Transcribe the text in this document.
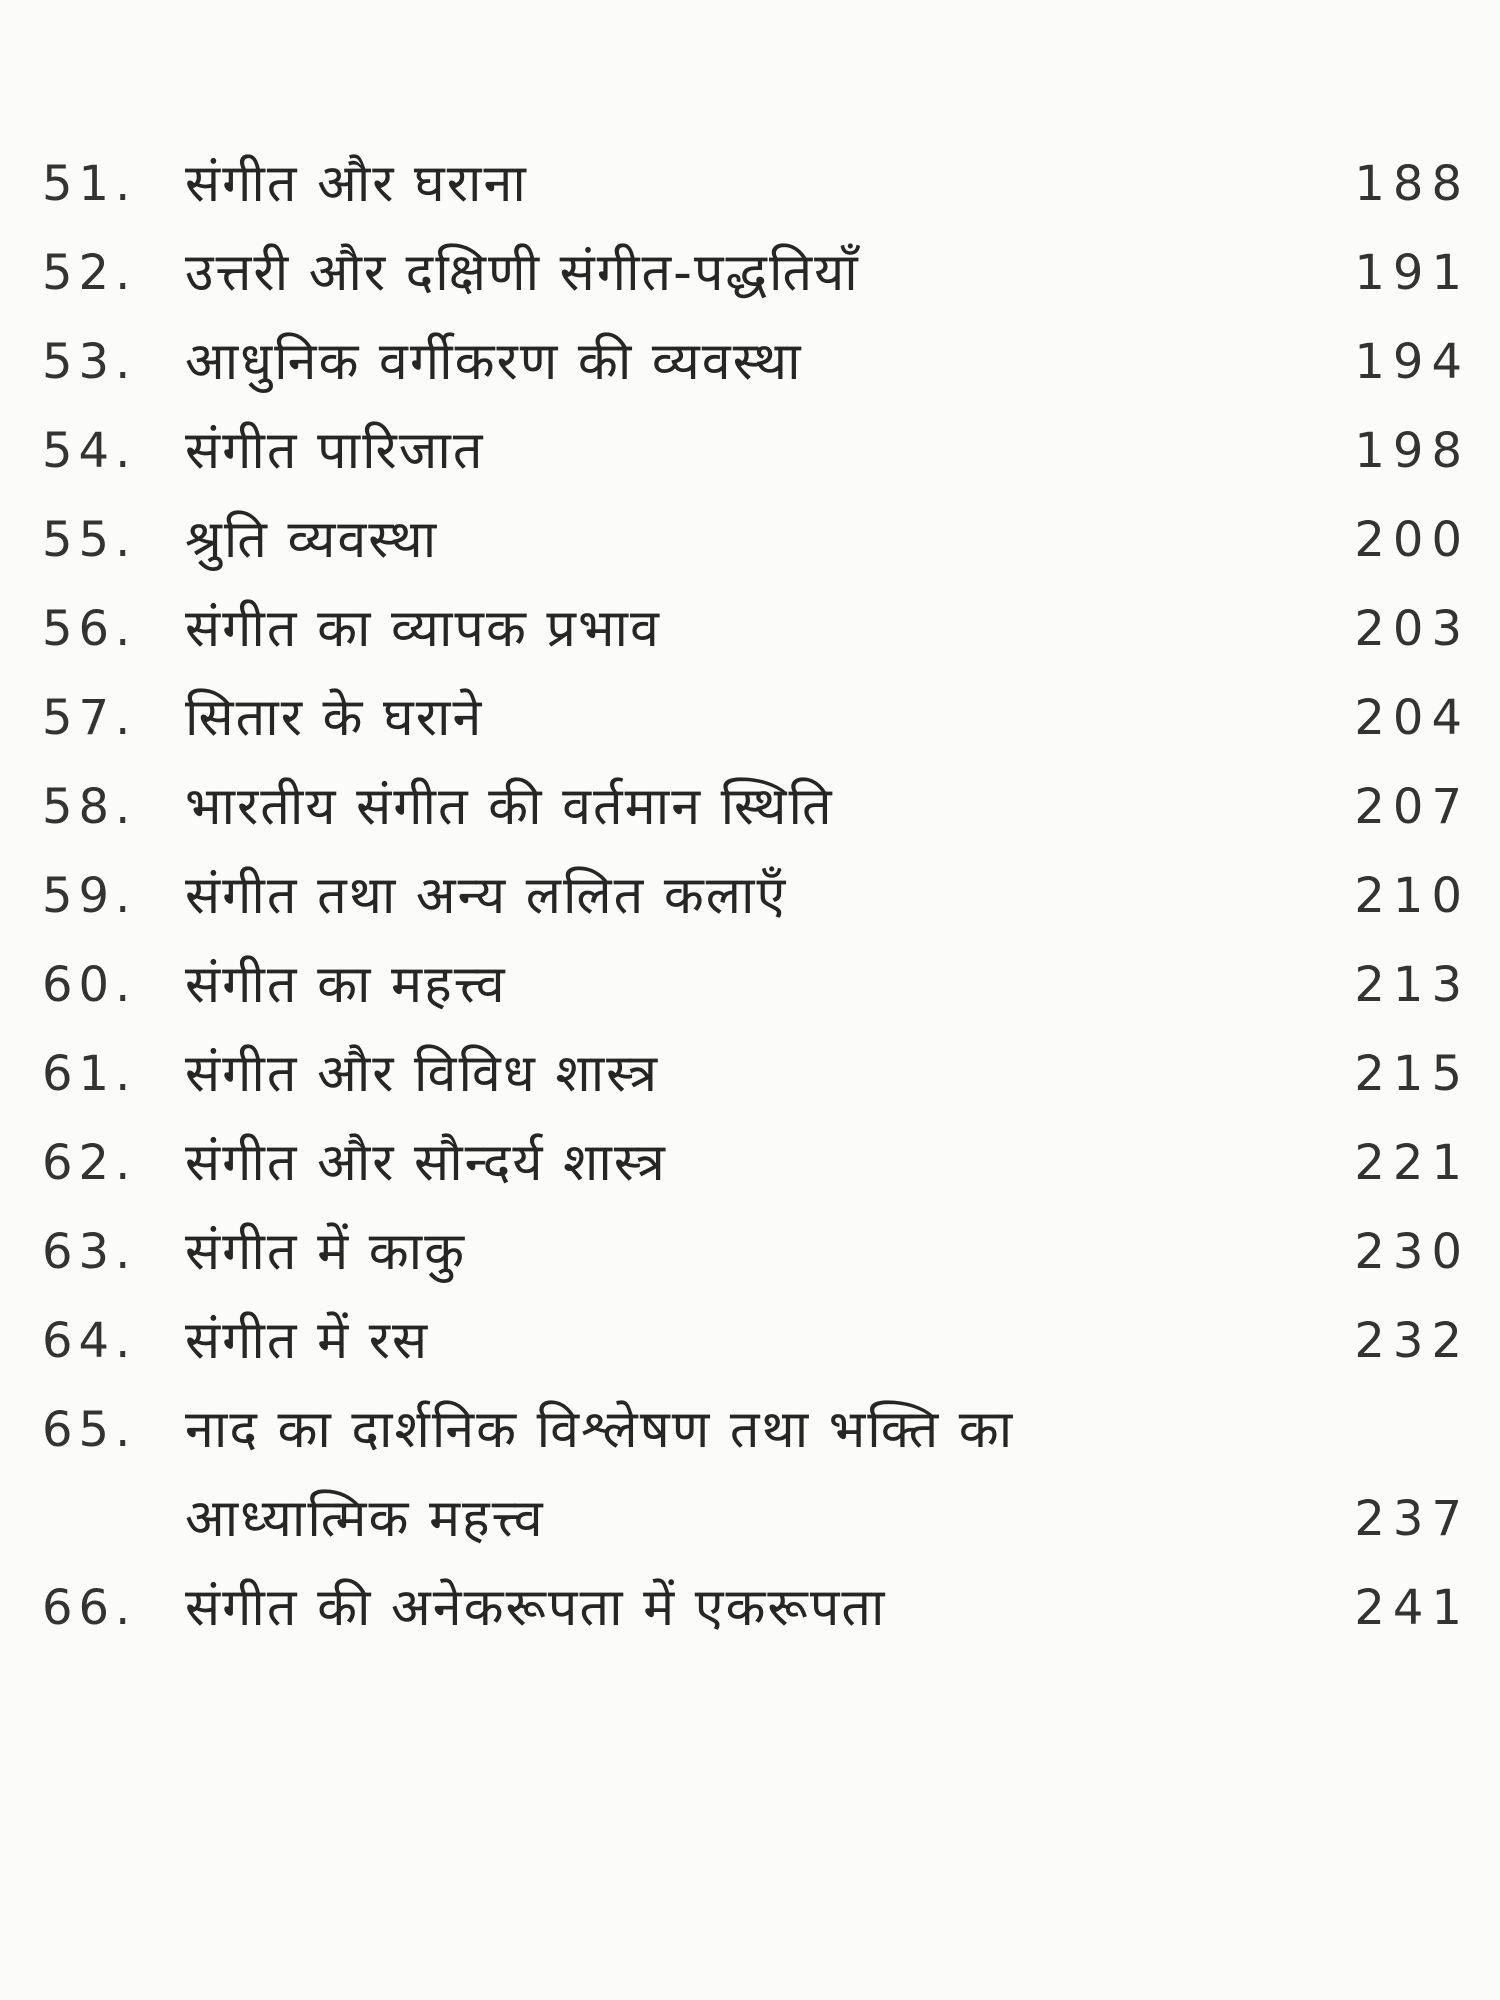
51. संगीत और घराना	188
52. उत्तरी और दक्षिणी संगीत-पद्धतियाँ	191
53. आधुनिक वर्गीकरण की व्यवस्था	194
54. संगीत पारिजात	198
55. श्रुति व्यवस्था	200
56. संगीत का व्यापक प्रभाव	203
57. सितार के घराने	204
58. भारतीय संगीत की वर्तमान स्थिति	207
59. संगीत तथा अन्य ललित कलाएँ	210
60. संगीत का महत्त्व	213
61. संगीत और विविध शास्त्र	215
62. संगीत और सौन्दर्य शास्त्र	221
63. संगीत में काकु	230
64. संगीत में रस	232
65. नाद का दार्शनिक विश्लेषण तथा भक्ति का
आध्यात्मिक महत्त्व	237
66. संगीत की अनेकरूपता में एकरूपता	241
